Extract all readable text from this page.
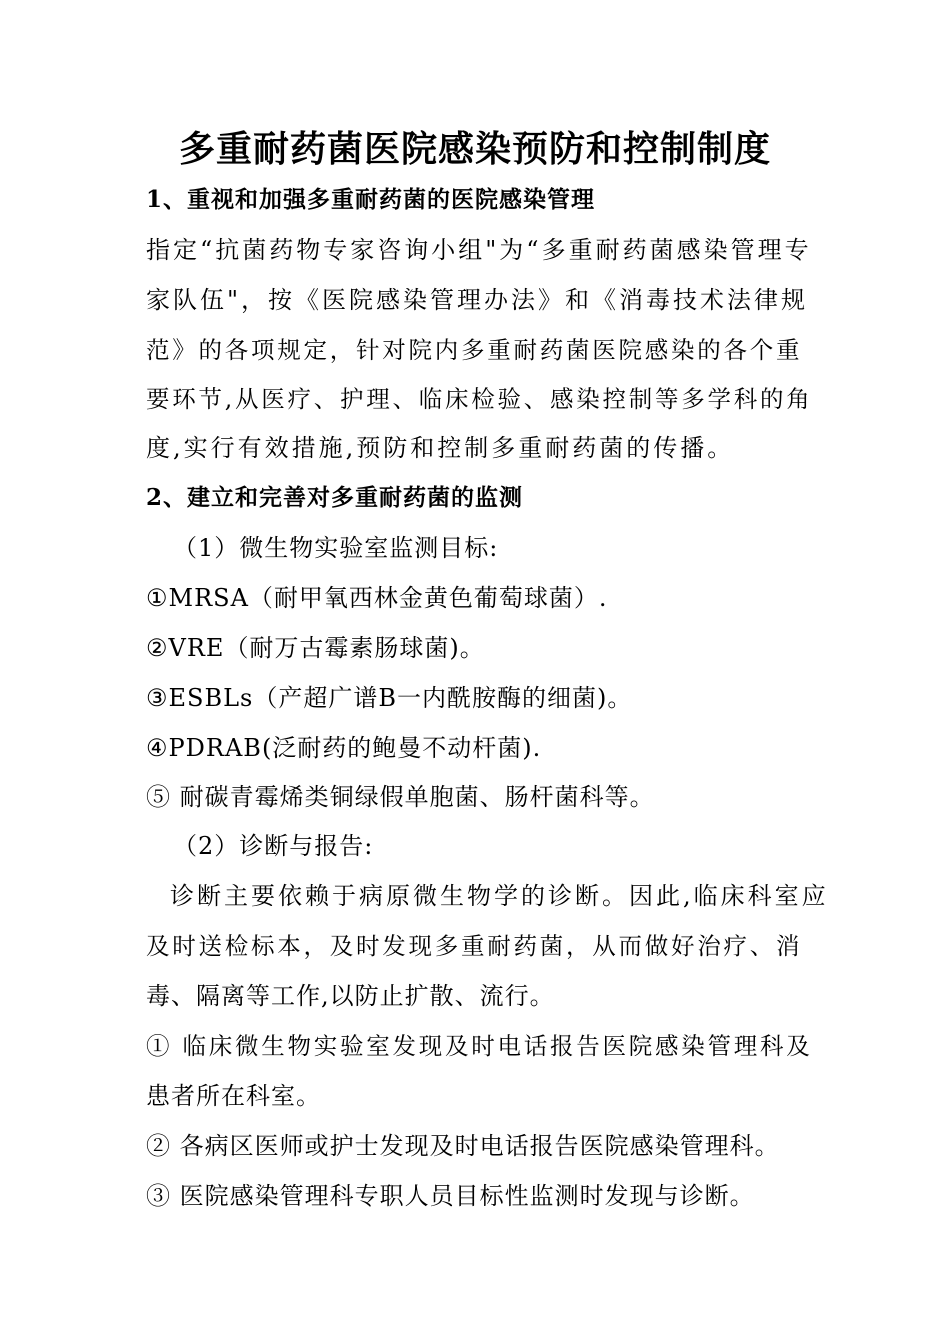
多重耐药菌医院感染预防和控制制度
1、重视和加强多重耐药菌的医院感染管理
指定“抗菌药物专家咨询小组"为“多重耐药菌感染管理专
家队伍"，按《医院感染管理办法》和《消毒技术法律规
范》的各项规定，针对院内多重耐药菌医院感染的各个重
要环节,从医疗、护理、临床检验、感染控制等多学科的角
度,实行有效措施,预防和控制多重耐药菌的传播。
2、建立和完善对多重耐药菌的监测
（1）微生物实验室监测目标:
①MRSA（耐甲氧西林金黄色葡萄球菌）.
②VRE（耐万古霉素肠球菌)。
③ESBLs（产超广谱Β一内酰胺酶的细菌)。
④PDRAB(泛耐药的鲍曼不动杆菌).
⑤ 耐碳青霉烯类铜绿假单胞菌、肠杆菌科等。
（2）诊断与报告:
诊断主要依赖于病原微生物学的诊断。因此,临床科室应
及时送检标本，及时发现多重耐药菌，从而做好治疗、消
毒、隔离等工作,以防止扩散、流行。
① 临床微生物实验室发现及时电话报告医院感染管理科及
患者所在科室。
② 各病区医师或护士发现及时电话报告医院感染管理科。
③ 医院感染管理科专职人员目标性监测时发现与诊断。
